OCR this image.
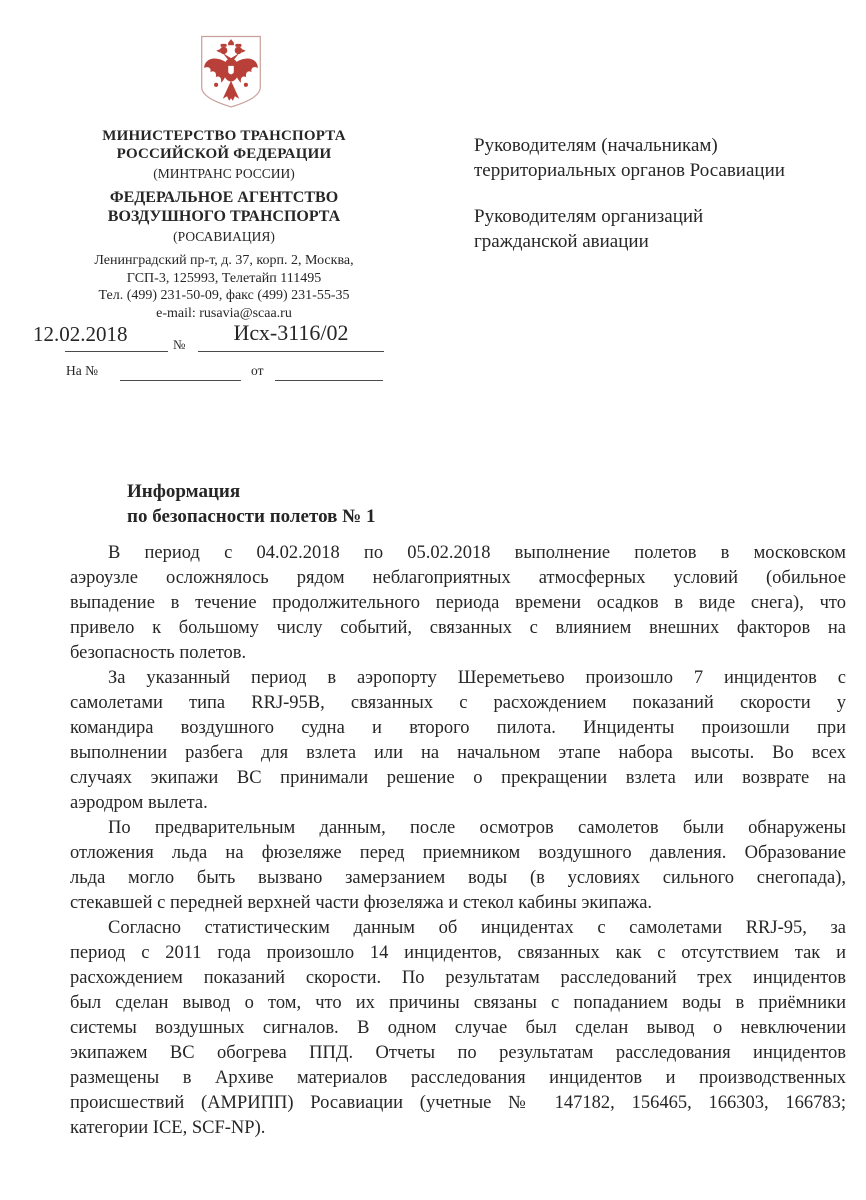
МИНИСТЕРСТВО ТРАНСПОРТА
РОССИЙСКОЙ ФЕДЕРАЦИИ
(МИНТРАНС РОССИИ)
ФЕДЕРАЛЬНОЕ АГЕНТСТВО
ВОЗДУШНОГО ТРАНСПОРТА
(РОСАВИАЦИЯ)
Ленинградский пр-т, д. 37, корп. 2, Москва,
ГСП-3, 125993, Телетайп 111495
Тел. (499) 231-50-09, факс (499) 231-55-35
e-mail: rusavia@scaa.ru
Руководителям (начальникам)
территориальных органов Росавиации
Руководителям организаций
гражданской авиации
12.02.2018	№	Исх-3116/02
На №	от
Информация
по безопасности полетов № 1
В период с 04.02.2018 по 05.02.2018 выполнение полетов в московском
аэроузле осложнялось рядом неблагоприятных атмосферных условий (обильное
выпадение в течение продолжительного периода времени осадков в виде снега), что
привело к большому числу событий, связанных с влиянием внешних факторов на
безопасность полетов.
За указанный период в аэропорту Шереметьево произошло 7 инцидентов с
самолетами типа RRJ-95B, связанных с расхождением показаний скорости у
командира воздушного судна и второго пилота. Инциденты произошли при
выполнении разбега для взлета или на начальном этапе набора высоты. Во всех
случаях экипажи ВС принимали решение о прекращении взлета или возврате на
аэродром вылета.
По предварительным данным, после осмотров самолетов были обнаружены
отложения льда на фюзеляже перед приемником воздушного давления. Образование
льда могло быть вызвано замерзанием воды (в условиях сильного снегопада),
стекавшей с передней верхней части фюзеляжа и стекол кабины экипажа.
Согласно статистическим данным об инцидентах с самолетами RRJ-95, за
период с 2011 года произошло 14 инцидентов, связанных как с отсутствием так и
расхождением показаний скорости. По результатам расследований трех инцидентов
был сделан вывод о том, что их причины связаны с попаданием воды в приёмники
системы воздушных сигналов. В одном случае был сделан вывод о невключении
экипажем ВС обогрева ППД. Отчеты по результатам расследования инцидентов
размещены в Архиве материалов расследования инцидентов и производственных
происшествий (АМРИПП) Росавиации (учетные № 147182, 156465, 166303, 166783;
категории ICE, SCF-NP).
